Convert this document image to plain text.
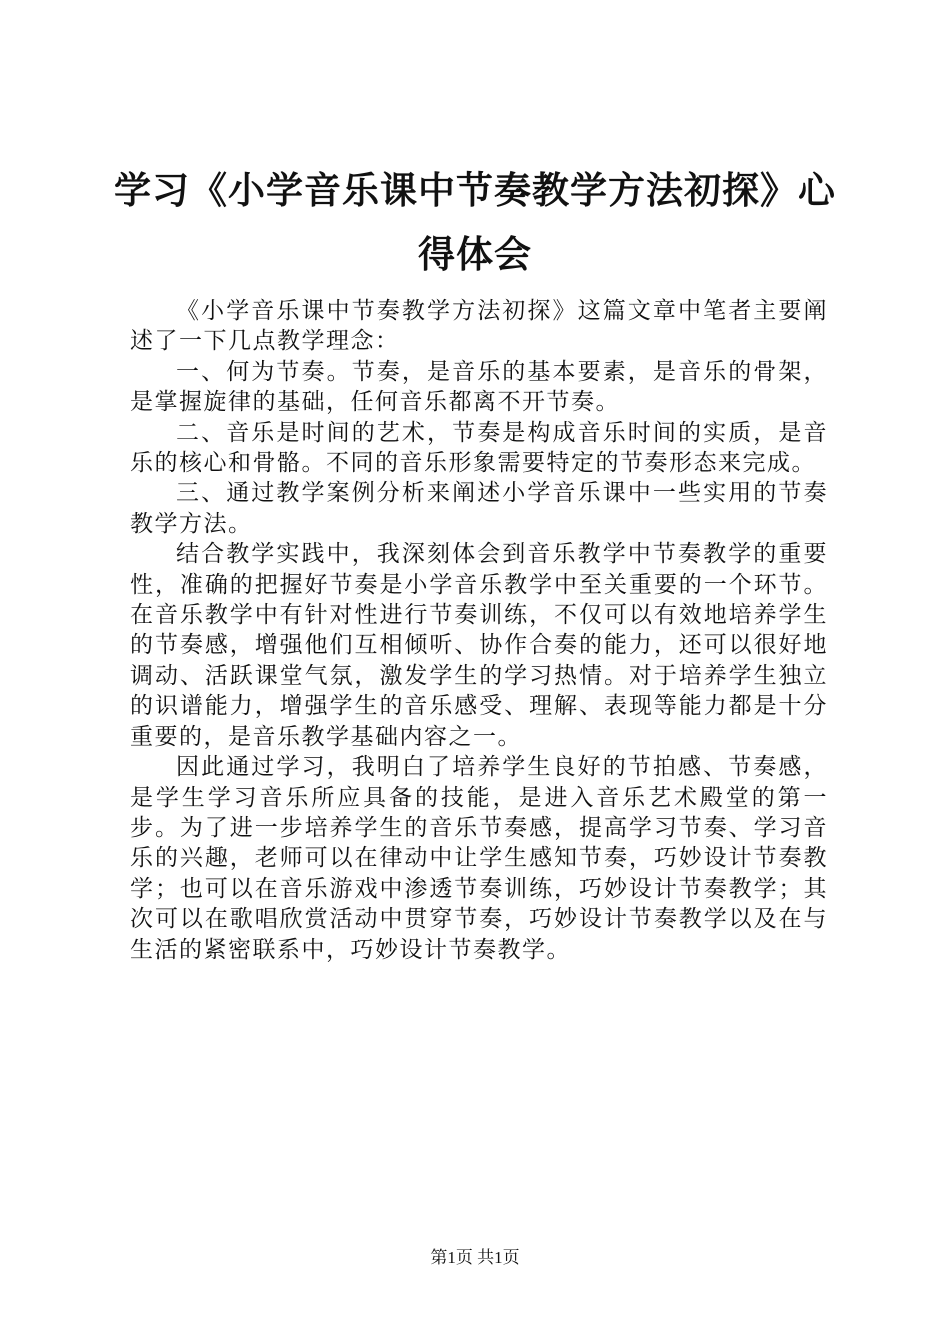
学习《小学音乐课中节奏教学方法初探》心得体会

《小学音乐课中节奏教学方法初探》这篇文章中笔者主要阐述了一下几点教学理念：

一、何为节奏。节奏，是音乐的基本要素，是音乐的骨架，是掌握旋律的基础，任何音乐都离不开节奏。

二、音乐是时间的艺术，节奏是构成音乐时间的实质，是音乐的核心和骨骼。不同的音乐形象需要特定的节奏形态来完成。

三、通过教学案例分析来阐述小学音乐课中一些实用的节奏教学方法。

结合教学实践中，我深刻体会到音乐教学中节奏教学的重要性，准确的把握好节奏是小学音乐教学中至关重要的一个环节。在音乐教学中有针对性进行节奏训练，不仅可以有效地培养学生的节奏感，增强他们互相倾听、协作合奏的能力，还可以很好地调动、活跃课堂气氛，激发学生的学习热情。对于培养学生独立的识谱能力，增强学生的音乐感受、理解、表现等能力都是十分重要的，是音乐教学基础内容之一。

因此通过学习，我明白了培养学生良好的节拍感、节奏感，是学生学习音乐所应具备的技能，是进入音乐艺术殿堂的第一步。为了进一步培养学生的音乐节奏感，提高学习节奏、学习音乐的兴趣，老师可以在律动中让学生感知节奏，巧妙设计节奏教学；也可以在音乐游戏中渗透节奏训练，巧妙设计节奏教学；其次可以在歌唱欣赏活动中贯穿节奏，巧妙设计节奏教学以及在与生活的紧密联系中，巧妙设计节奏教学。

第1页 共1页
